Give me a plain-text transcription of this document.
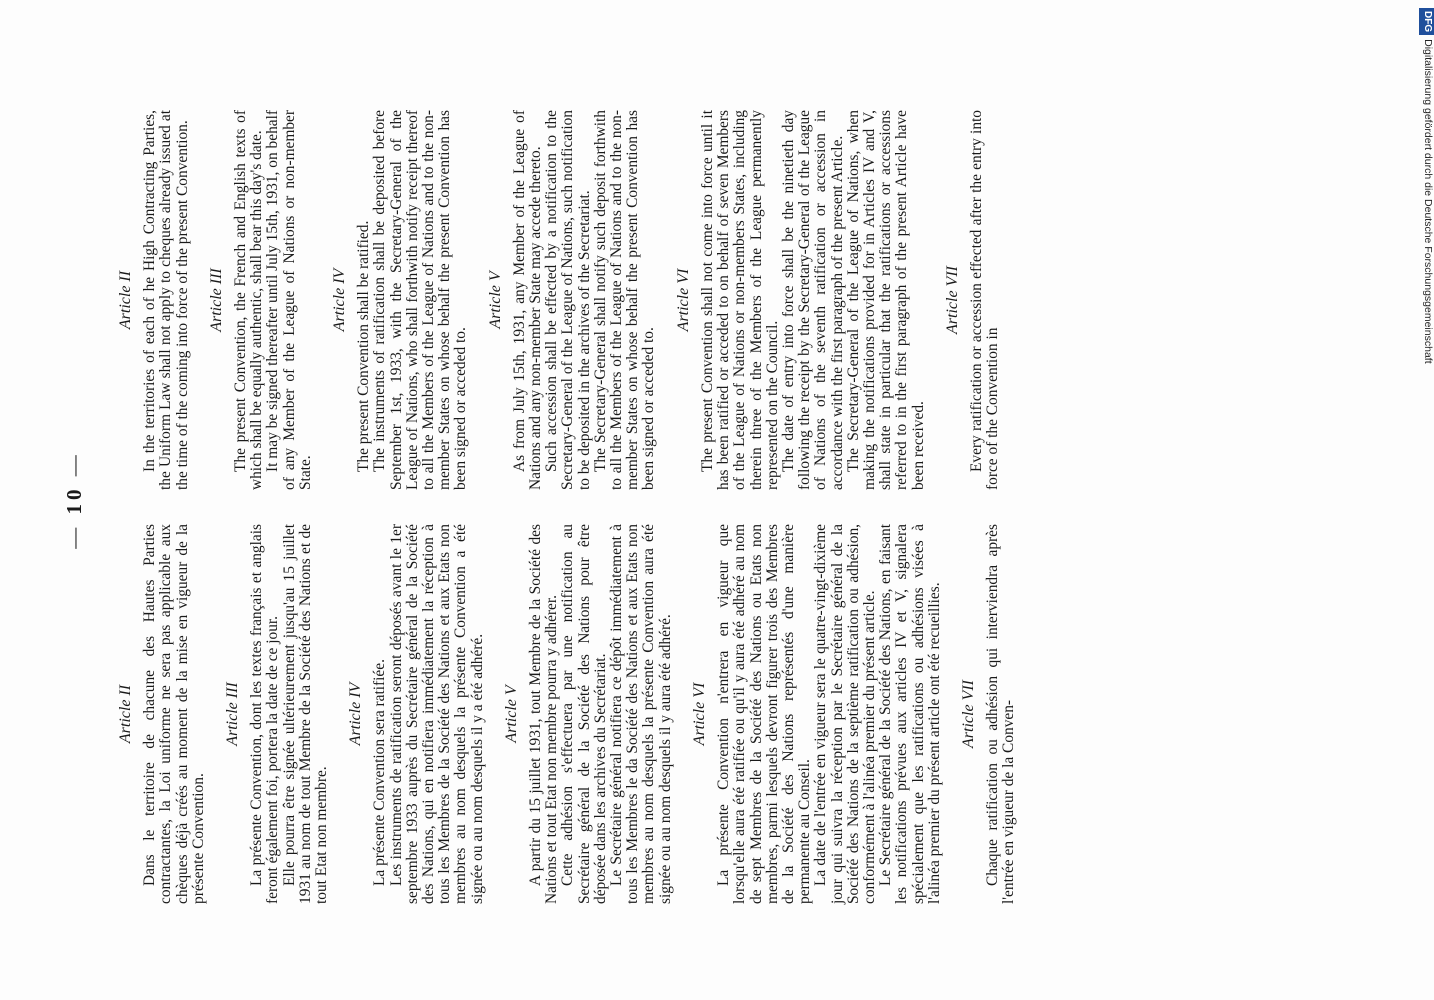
— 10 —
Article II Dans le territoire de chacune des Hautes Parties contractantes, la Loi uniforme ne sera pas applicable aux chèques déjà créés au moment de la mise en vigueur de la présente Convention.

Article III La présente Convention, dont les textes français et anglais feront également foi, portera la date de ce jour. Elle pourra être signée ultérieurement jusqu'au 15 juillet 1931 au nom de tout Membre de la Société des Nations et de tout Etat non membre.

Article IV La présente Convention sera ratifiée. Les instruments de ratification seront déposés avant le 1er septembre 1933 auprès du Secrétaire général de la Société des Nations, qui en notifiera immédiatement la réception à tous les Membres de la Société des Nations et aux Etats non membres au nom desquels la présente Convention a été signée ou au nom desquels il y a été adhéré. Article V A partir du 15 juillet 1931, tout Membre de la Société des Nations et tout Etat non membre pourra y adhérer. Cette adhésion s'effectuera par une notification au Secrétaire général de la Société des Nations pour être déposée dans les archives du Secrétariat. Le Secrétaire général notifiera ce dépôt immédiatement à tous les Membres le da Société des Nations et aux Etats non membres au nom desquels la présente Convention aura été signée ou au nom desquels il y aura été adhéré. Article VI La présente Convention n'entrera en vigueur que lorsqu'elle aura été ratifiée ou qu'il y aura été adhéré au nom de sept Membres de la Société des Nations ou Etats non membres, parmi lesquels devront figurer trois des Membres de la Société des Nations représentés d'une manière permanente au Conseil. La date de l'entrée en vigueur sera le quatre-vingt-dixième jour qui suivra la réception par le Secrétaire général de la Société des Nations de la septième ratification ou adhésion, conformément à l'alinéa premier du présent article. Le Secrétaire général de la Société des Nations, en faisant les notifications prévues aux articles IV et V, signalera spécialement que les ratifications ou adhésions visées à l'alinéa premier du présent article ont été recueillies. Article VII Chaque ratification ou adhésion qui interviendra après l'entrée en vigueur de la Conven-

Article II In the territories of each of he High Contracting Parties, the Uniform Law shall not apply to cheques already issued at the time of the coming into force of the present Convention. Article III The present Convention, the French and English texts of which shall be equally authentic, shall bear this day's date. It may be signed thereafter until July 15th, 1931, on behalf of any Member of the League of Nations or non-member State.

Article IV The present Convention shall be ratified. The instruments of ratification shall be deposited before September 1st, 1933, with the Secretary-General of the League of Nations, who shall forthwith notify receipt thereof to all the Members of the League of Nations and to the non-member States on whose behalf the present Convention has been signed or acceded to.

Article V As from July 15th, 1931, any Member of the League of Nations and any non-member State may accede thereto. Such accession shall be effected by a notification to the Secretary-General of the League of Nations, such notification to be deposited in the archives of the Secretariat. The Secretary-General shall notify such deposit forthwith to all the Members of the League of Nations and to the non-member States on whose behalf the present Convention has been signed or acceded to.

Article VI The present Convention shall not come into force until it has been ratified or acceded to on behalf of seven Members of the League of Nations or non-members States, including therein three of the Members of the League permanently represented on the Council. The date of entry into force shall be the ninetieth day following the receipt by the Secretary-General of the League of Nations of the seventh ratification or accession in accordance with the first paragraph of the present Article. The Secretary-General of the League of Nations, when making the notifications provided for in Articles IV and V, shall state in particular that the ratifications or accessions referred to in the first paragraph of the present Article have been received.

Article VII Every ratification or accession effected after the entry into force of the Convention in

DFGDigitalisierung gefördert durch die Deutsche Forschungsgemeinschaft
